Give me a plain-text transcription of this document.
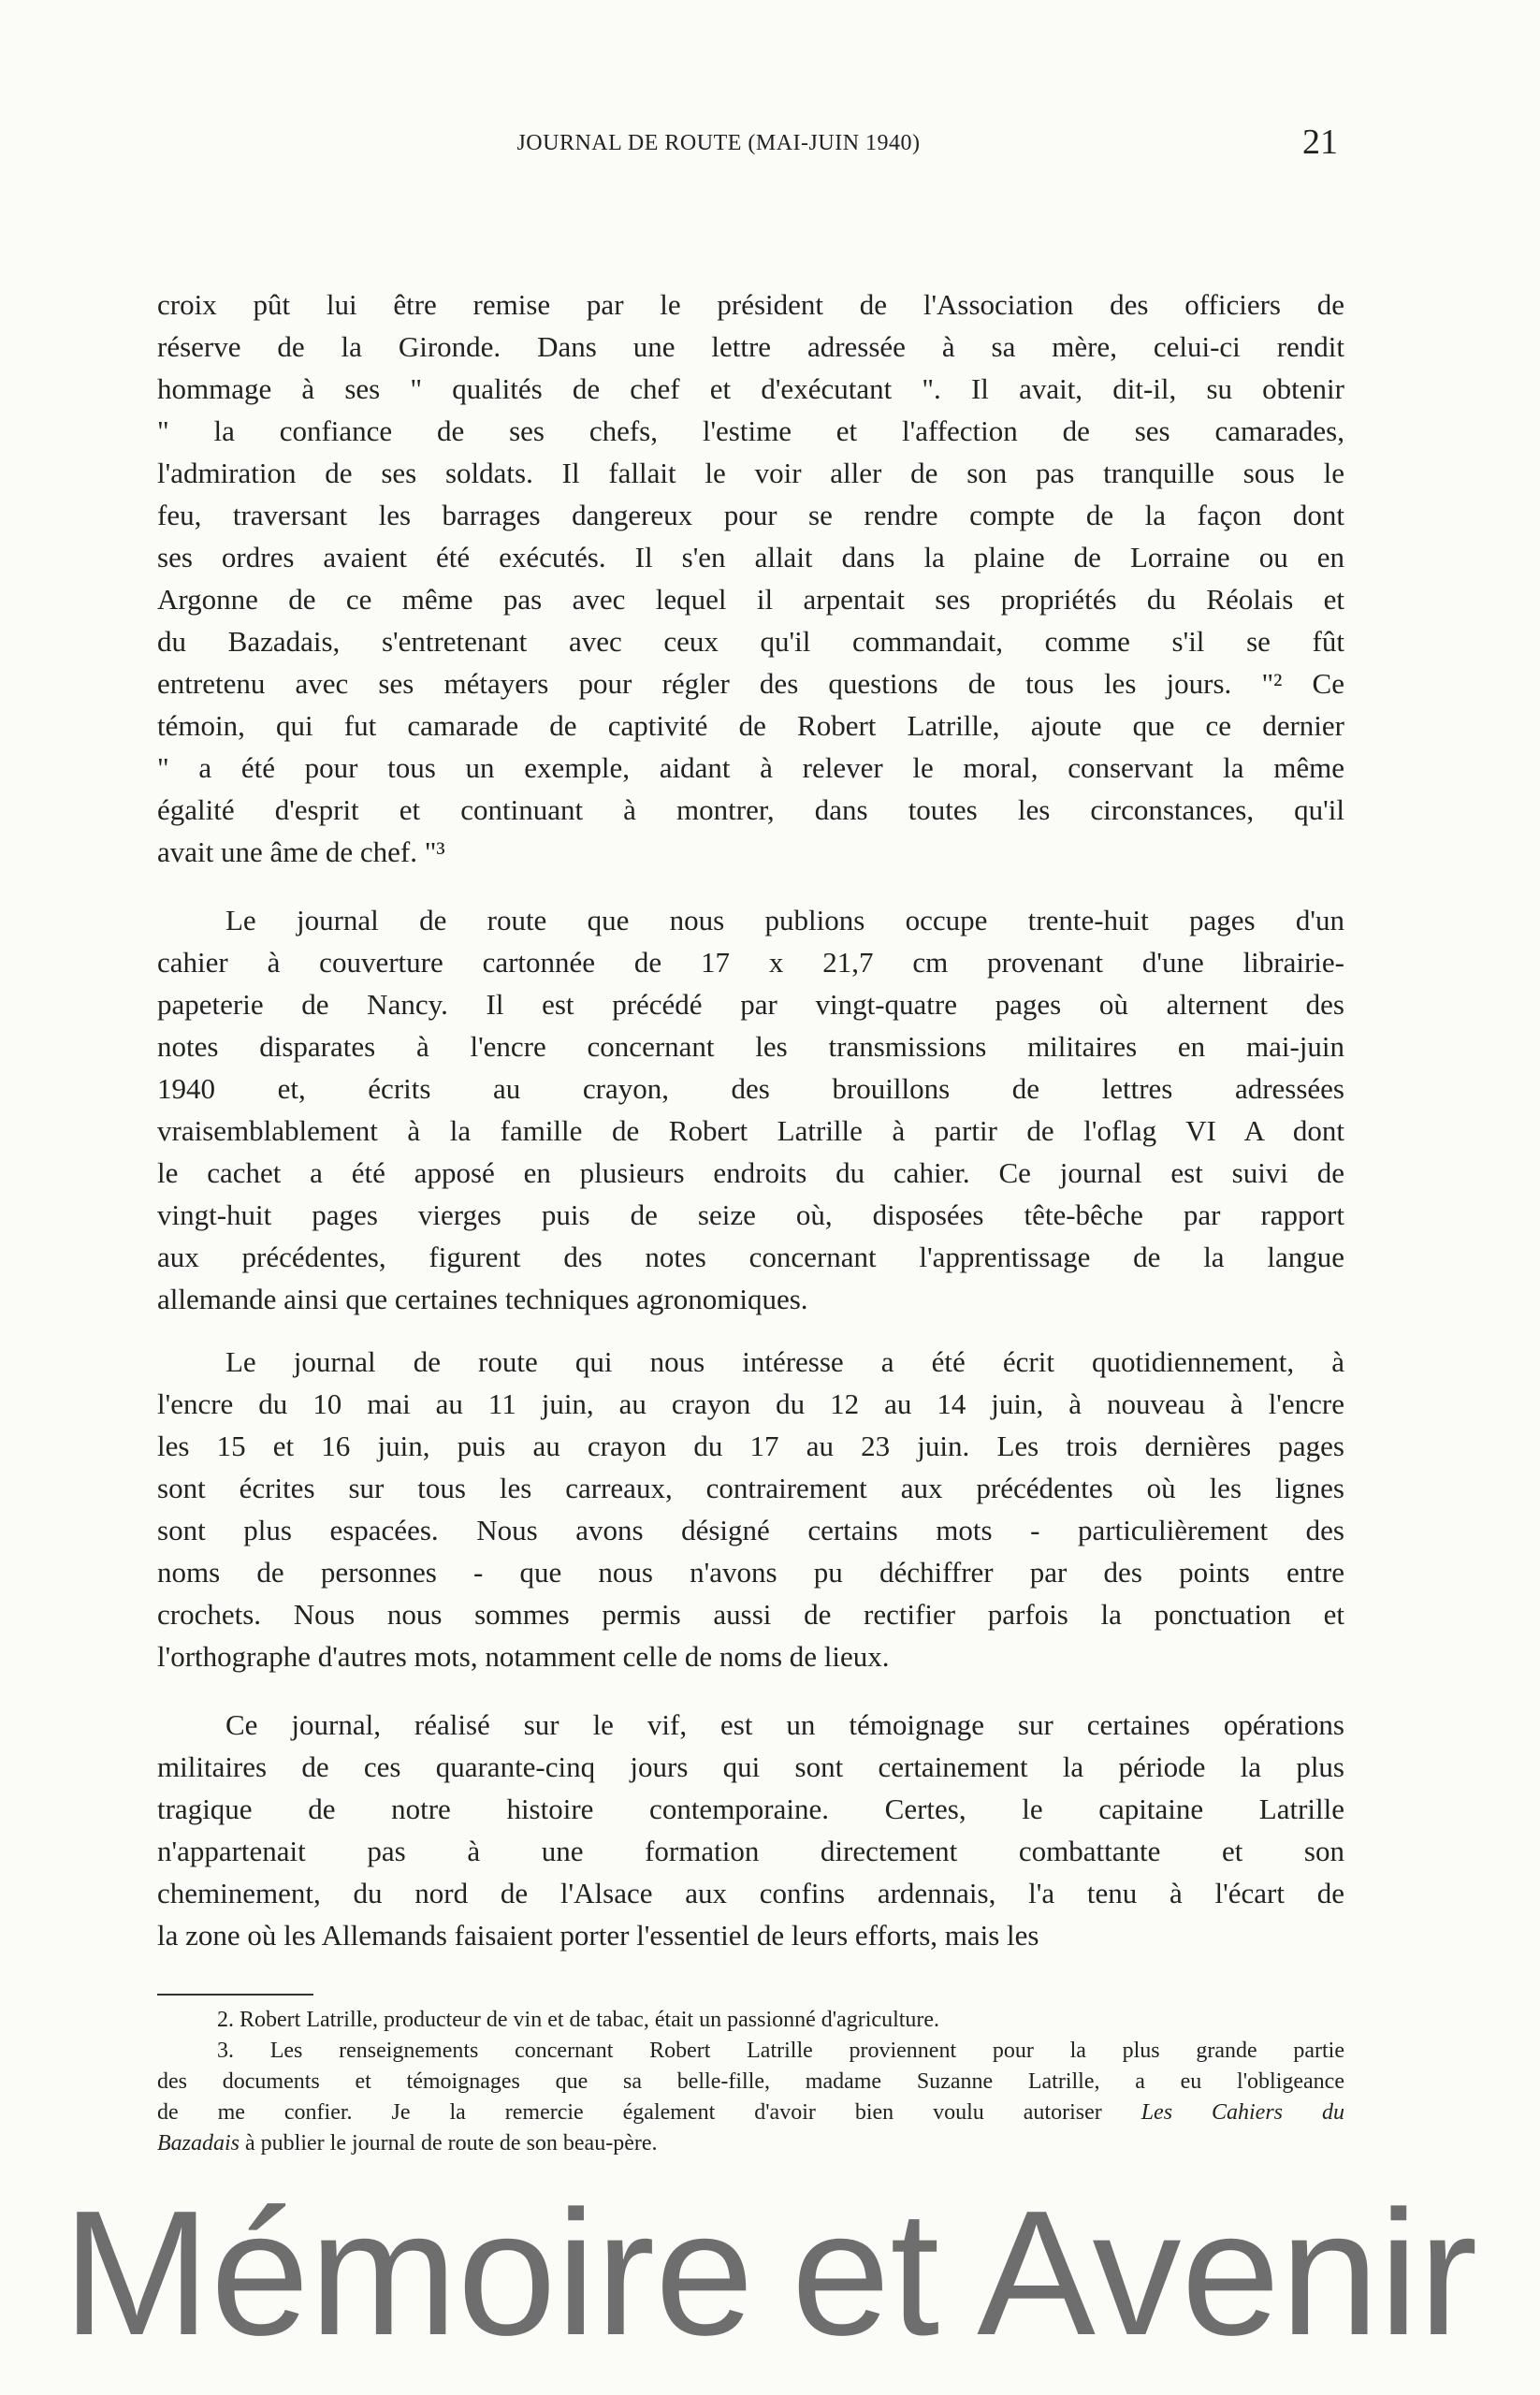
JOURNAL DE ROUTE (MAI-JUIN 1940)	21
croix pût lui être remise par le président de l'Association des officiers de
réserve de la Gironde. Dans une lettre adressée à sa mère, celui-ci rendit
hommage à ses " qualités de chef et d'exécutant ". Il avait, dit-il, su obtenir
" la confiance de ses chefs, l'estime et l'affection de ses camarades,
l'admiration de ses soldats. Il fallait le voir aller de son pas tranquille sous le
feu, traversant les barrages dangereux pour se rendre compte de la façon dont
ses ordres avaient été exécutés. Il s'en allait dans la plaine de Lorraine ou en
Argonne de ce même pas avec lequel il arpentait ses propriétés du Réolais et
du Bazadais, s'entretenant avec ceux qu'il commandait, comme s'il se fût
entretenu avec ses métayers pour régler des questions de tous les jours. "² Ce
témoin, qui fut camarade de captivité de Robert Latrille, ajoute que ce dernier
" a été pour tous un exemple, aidant à relever le moral, conservant la même
égalité d'esprit et continuant à montrer, dans toutes les circonstances, qu'il
avait une âme de chef. "³
Le journal de route que nous publions occupe trente-huit pages d'un
cahier à couverture cartonnée de 17 x 21,7 cm provenant d'une librairie-
papeterie de Nancy. Il est précédé par vingt-quatre pages où alternent des
notes disparates à l'encre concernant les transmissions militaires en mai-juin
1940 et, écrits au crayon, des brouillons de lettres adressées
vraisemblablement à la famille de Robert Latrille à partir de l'oflag VI A dont
le cachet a été apposé en plusieurs endroits du cahier. Ce journal est suivi de
vingt-huit pages vierges puis de seize où, disposées tête-bêche par rapport
aux précédentes, figurent des notes concernant l'apprentissage de la langue
allemande ainsi que certaines techniques agronomiques.
Le journal de route qui nous intéresse a été écrit quotidiennement, à
l'encre du 10 mai au 11 juin, au crayon du 12 au 14 juin, à nouveau à l'encre
les 15 et 16 juin, puis au crayon du 17 au 23 juin. Les trois dernières pages
sont écrites sur tous les carreaux, contrairement aux précédentes où les lignes
sont plus espacées. Nous avons désigné certains mots - particulièrement des
noms de personnes - que nous n'avons pu déchiffrer par des points entre
crochets. Nous nous sommes permis aussi de rectifier parfois la ponctuation et
l'orthographe d'autres mots, notamment celle de noms de lieux.
Ce journal, réalisé sur le vif, est un témoignage sur certaines opérations
militaires de ces quarante-cinq jours qui sont certainement la période la plus
tragique de notre histoire contemporaine. Certes, le capitaine Latrille
n'appartenait pas à une formation directement combattante et son
cheminement, du nord de l'Alsace aux confins ardennais, l'a tenu à l'écart de
la zone où les Allemands faisaient porter l'essentiel de leurs efforts, mais les
2. Robert Latrille, producteur de vin et de tabac, était un passionné d'agriculture.
3. Les renseignements concernant Robert Latrille proviennent pour la plus grande partie
des documents et témoignages que sa belle-fille, madame Suzanne Latrille, a eu l'obligeance
de me confier. Je la remercie également d'avoir bien voulu autoriser Les Cahiers du
Bazadais à publier le journal de route de son beau-père.
Mémoire et Avenir
